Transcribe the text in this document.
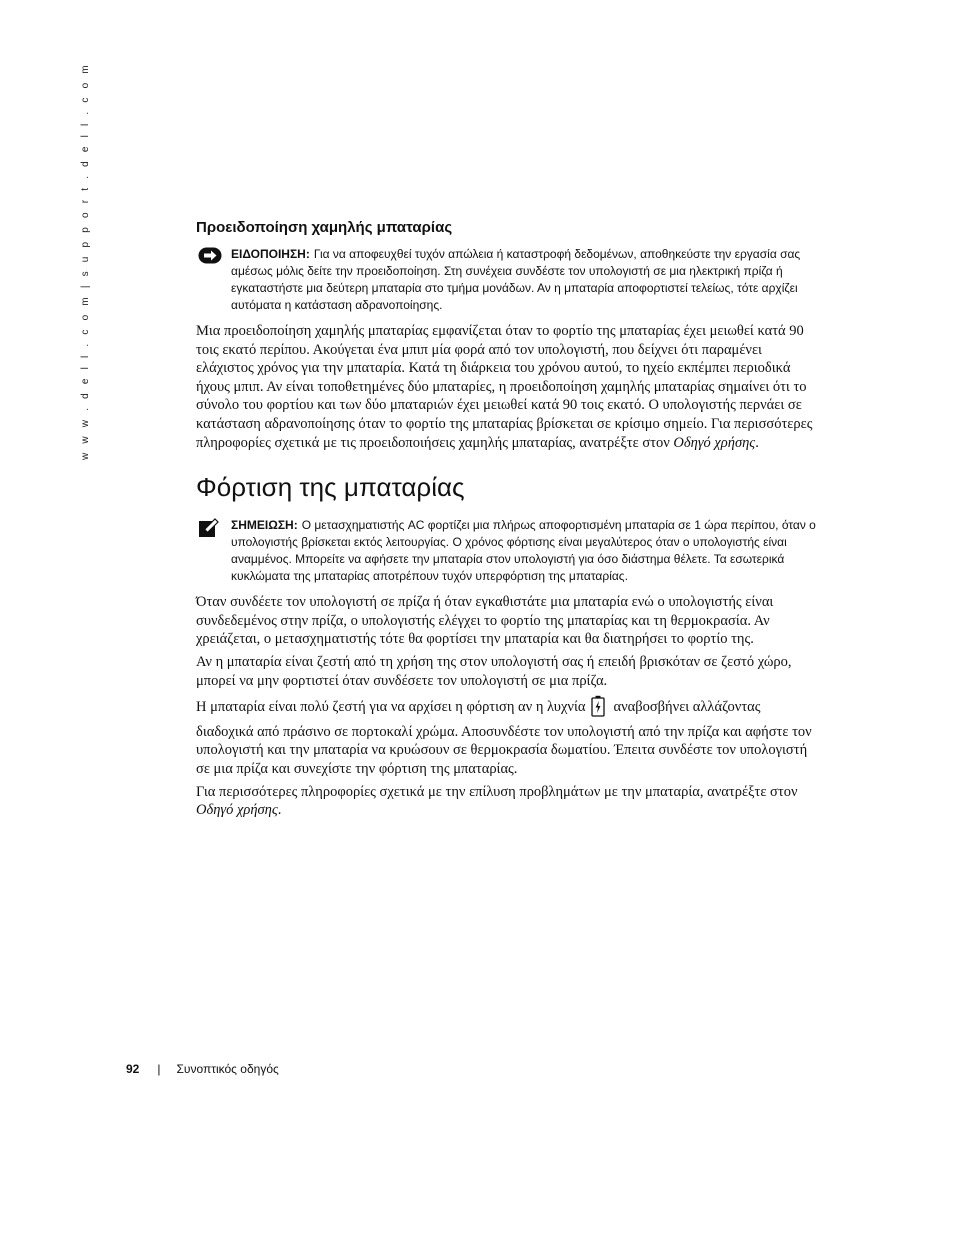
w w w . d e l l . c o m | s u p p o r t . d e l l . c o m	Προειδοποίηση χαμηλής μπαταρίας

ΕΙΔΟΠΟΙΗΣΗ: Για να αποφευχθεί τυχόν απώλεια ή καταστροφή δεδομένων, αποθηκεύστε την εργασία σας αμέσως μόλις δείτε την προειδοποίηση. Στη συνέχεια συνδέστε τον υπολογιστή σε μια ηλεκτρική πρίζα ή εγκαταστήστε μια δεύτερη μπαταρία στο τμήμα μονάδων. Αν η μπαταρία αποφορτιστεί τελείως, τότε αρχίζει αυτόματα η κατάσταση αδρανοποίησης.

Μια προειδοποίηση χαμηλής μπαταρίας εμφανίζεται όταν το φορτίο της μπαταρίας έχει μειωθεί κατά 90 τοις εκατό περίπου. Ακούγεται ένα μπιπ μία φορά από τον υπολογιστή, που δείχνει ότι παραμένει ελάχιστος χρόνος για την μπαταρία. Κατά τη διάρκεια του χρόνου αυτού, το ηχείο εκπέμπει περιοδικά ήχους μπιπ. Αν είναι τοποθετημένες δύο μπαταρίες, η προειδοποίηση χαμηλής μπαταρίας σημαίνει ότι το σύνολο του φορτίου και των δύο μπαταριών έχει μειωθεί κατά 90 τοις εκατό. Ο υπολογιστής περνάει σε κατάσταση αδρανοποίησης όταν το φορτίο της μπαταρίας βρίσκεται σε κρίσιμο σημείο. Για περισσότερες πληροφορίες σχετικά με τις προειδοποιήσεις χαμηλής μπαταρίας, ανατρέξτε στον Οδηγό χρήσης.

Φόρτιση της μπαταρίας

ΣΗΜΕΙΩΣΗ: Ο μετασχηματιστής AC φορτίζει μια πλήρως αποφορτισμένη μπαταρία σε 1 ώρα περίπου, όταν ο υπολογιστής βρίσκεται εκτός λειτουργίας. Ο χρόνος φόρτισης είναι μεγαλύτερος όταν ο υπολογιστής είναι αναμμένος. Μπορείτε να αφήσετε την μπαταρία στον υπολογιστή για όσο διάστημα θέλετε. Τα εσωτερικά κυκλώματα της μπαταρίας αποτρέπουν τυχόν υπερφόρτιση της μπαταρίας.

Όταν συνδέετε τον υπολογιστή σε πρίζα ή όταν εγκαθιστάτε μια μπαταρία ενώ ο υπολογιστής είναι συνδεδεμένος στην πρίζα, ο υπολογιστής ελέγχει το φορτίο της μπαταρίας και τη θερμοκρασία. Αν χρειάζεται, ο μετασχηματιστής τότε θα φορτίσει την μπαταρία και θα διατηρήσει το φορτίο της.

Αν η μπαταρία είναι ζεστή από τη χρήση της στον υπολογιστή σας ή επειδή βρισκόταν σε ζεστό χώρο, μπορεί να μην φορτιστεί όταν συνδέσετε τον υπολογιστή σε μια πρίζα.

Η μπαταρία είναι πολύ ζεστή για να αρχίσει η φόρτιση αν η λυχνία αναβοσβήνει αλλάζοντας διαδοχικά από πράσινο σε πορτοκαλί χρώμα. Αποσυνδέστε τον υπολογιστή από την πρίζα και αφήστε τον υπολογιστή και την μπαταρία να κρυώσουν σε θερμοκρασία δωματίου. Έπειτα συνδέστε τον υπολογιστή σε μια πρίζα και συνεχίστε την φόρτιση της μπαταρίας.

Για περισσότερες πληροφορίες σχετικά με την επίλυση προβλημάτων με την μπαταρία, ανατρέξτε στον Οδηγό χρήσης.

92 | Συνοπτικός οδηγός
